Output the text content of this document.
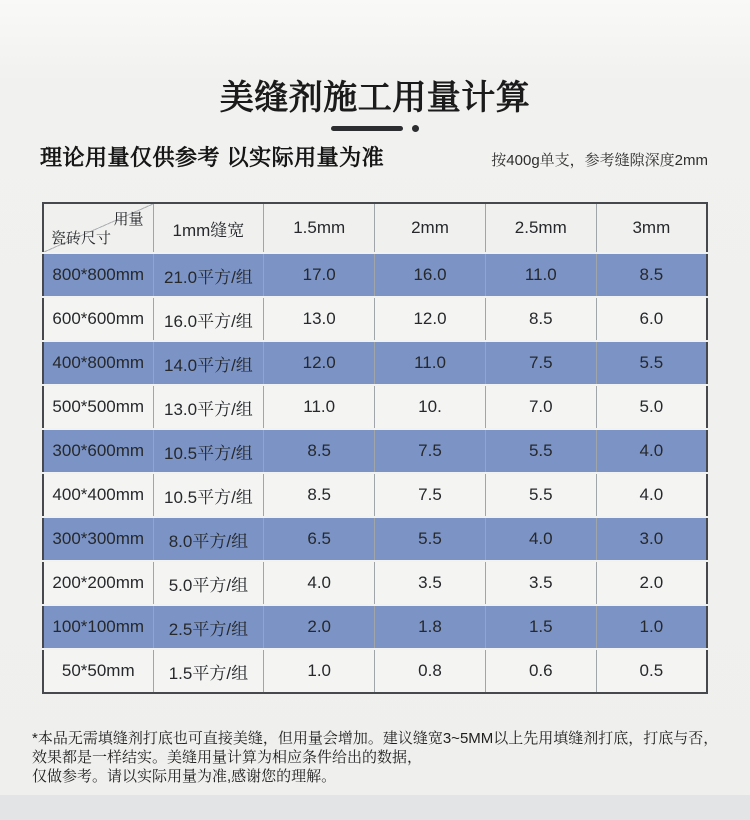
美缝剂施工用量计算
理论用量仅供参考 以实际用量为准	按400g单支，参考缝隙深度2mm
用量
瓷砖尺寸	1mm缝宽	1.5mm	2mm	2.5mm	3mm
800*800mm	21.0平方/组	17.0	16.0	11.0	8.5
600*600mm	16.0平方/组	13.0	12.0	8.5	6.0
400*800mm	14.0平方/组	12.0	11.0	7.5	5.5
500*500mm	13.0平方/组	11.0	10.	7.0	5.0
300*600mm	10.5平方/组	8.5	7.5	5.5	4.0
400*400mm	10.5平方/组	8.5	7.5	5.5	4.0
300*300mm	8.0平方/组	6.5	5.5	4.0	3.0
200*200mm	5.0平方/组	4.0	3.5	3.5	2.0
100*100mm	2.5平方/组	2.0	1.8	1.5	1.0
50*50mm	1.5平方/组	1.0	0.8	0.6	0.5
*本品无需填缝剂打底也可直接美缝，但用量会增加。建议缝宽3~5MM以上先用填缝剂打底，打底与否，
效果都是一样结实。美缝用量计算为相应条件给出的数据，
仅做参考。请以实际用量为准,感谢您的理解。
